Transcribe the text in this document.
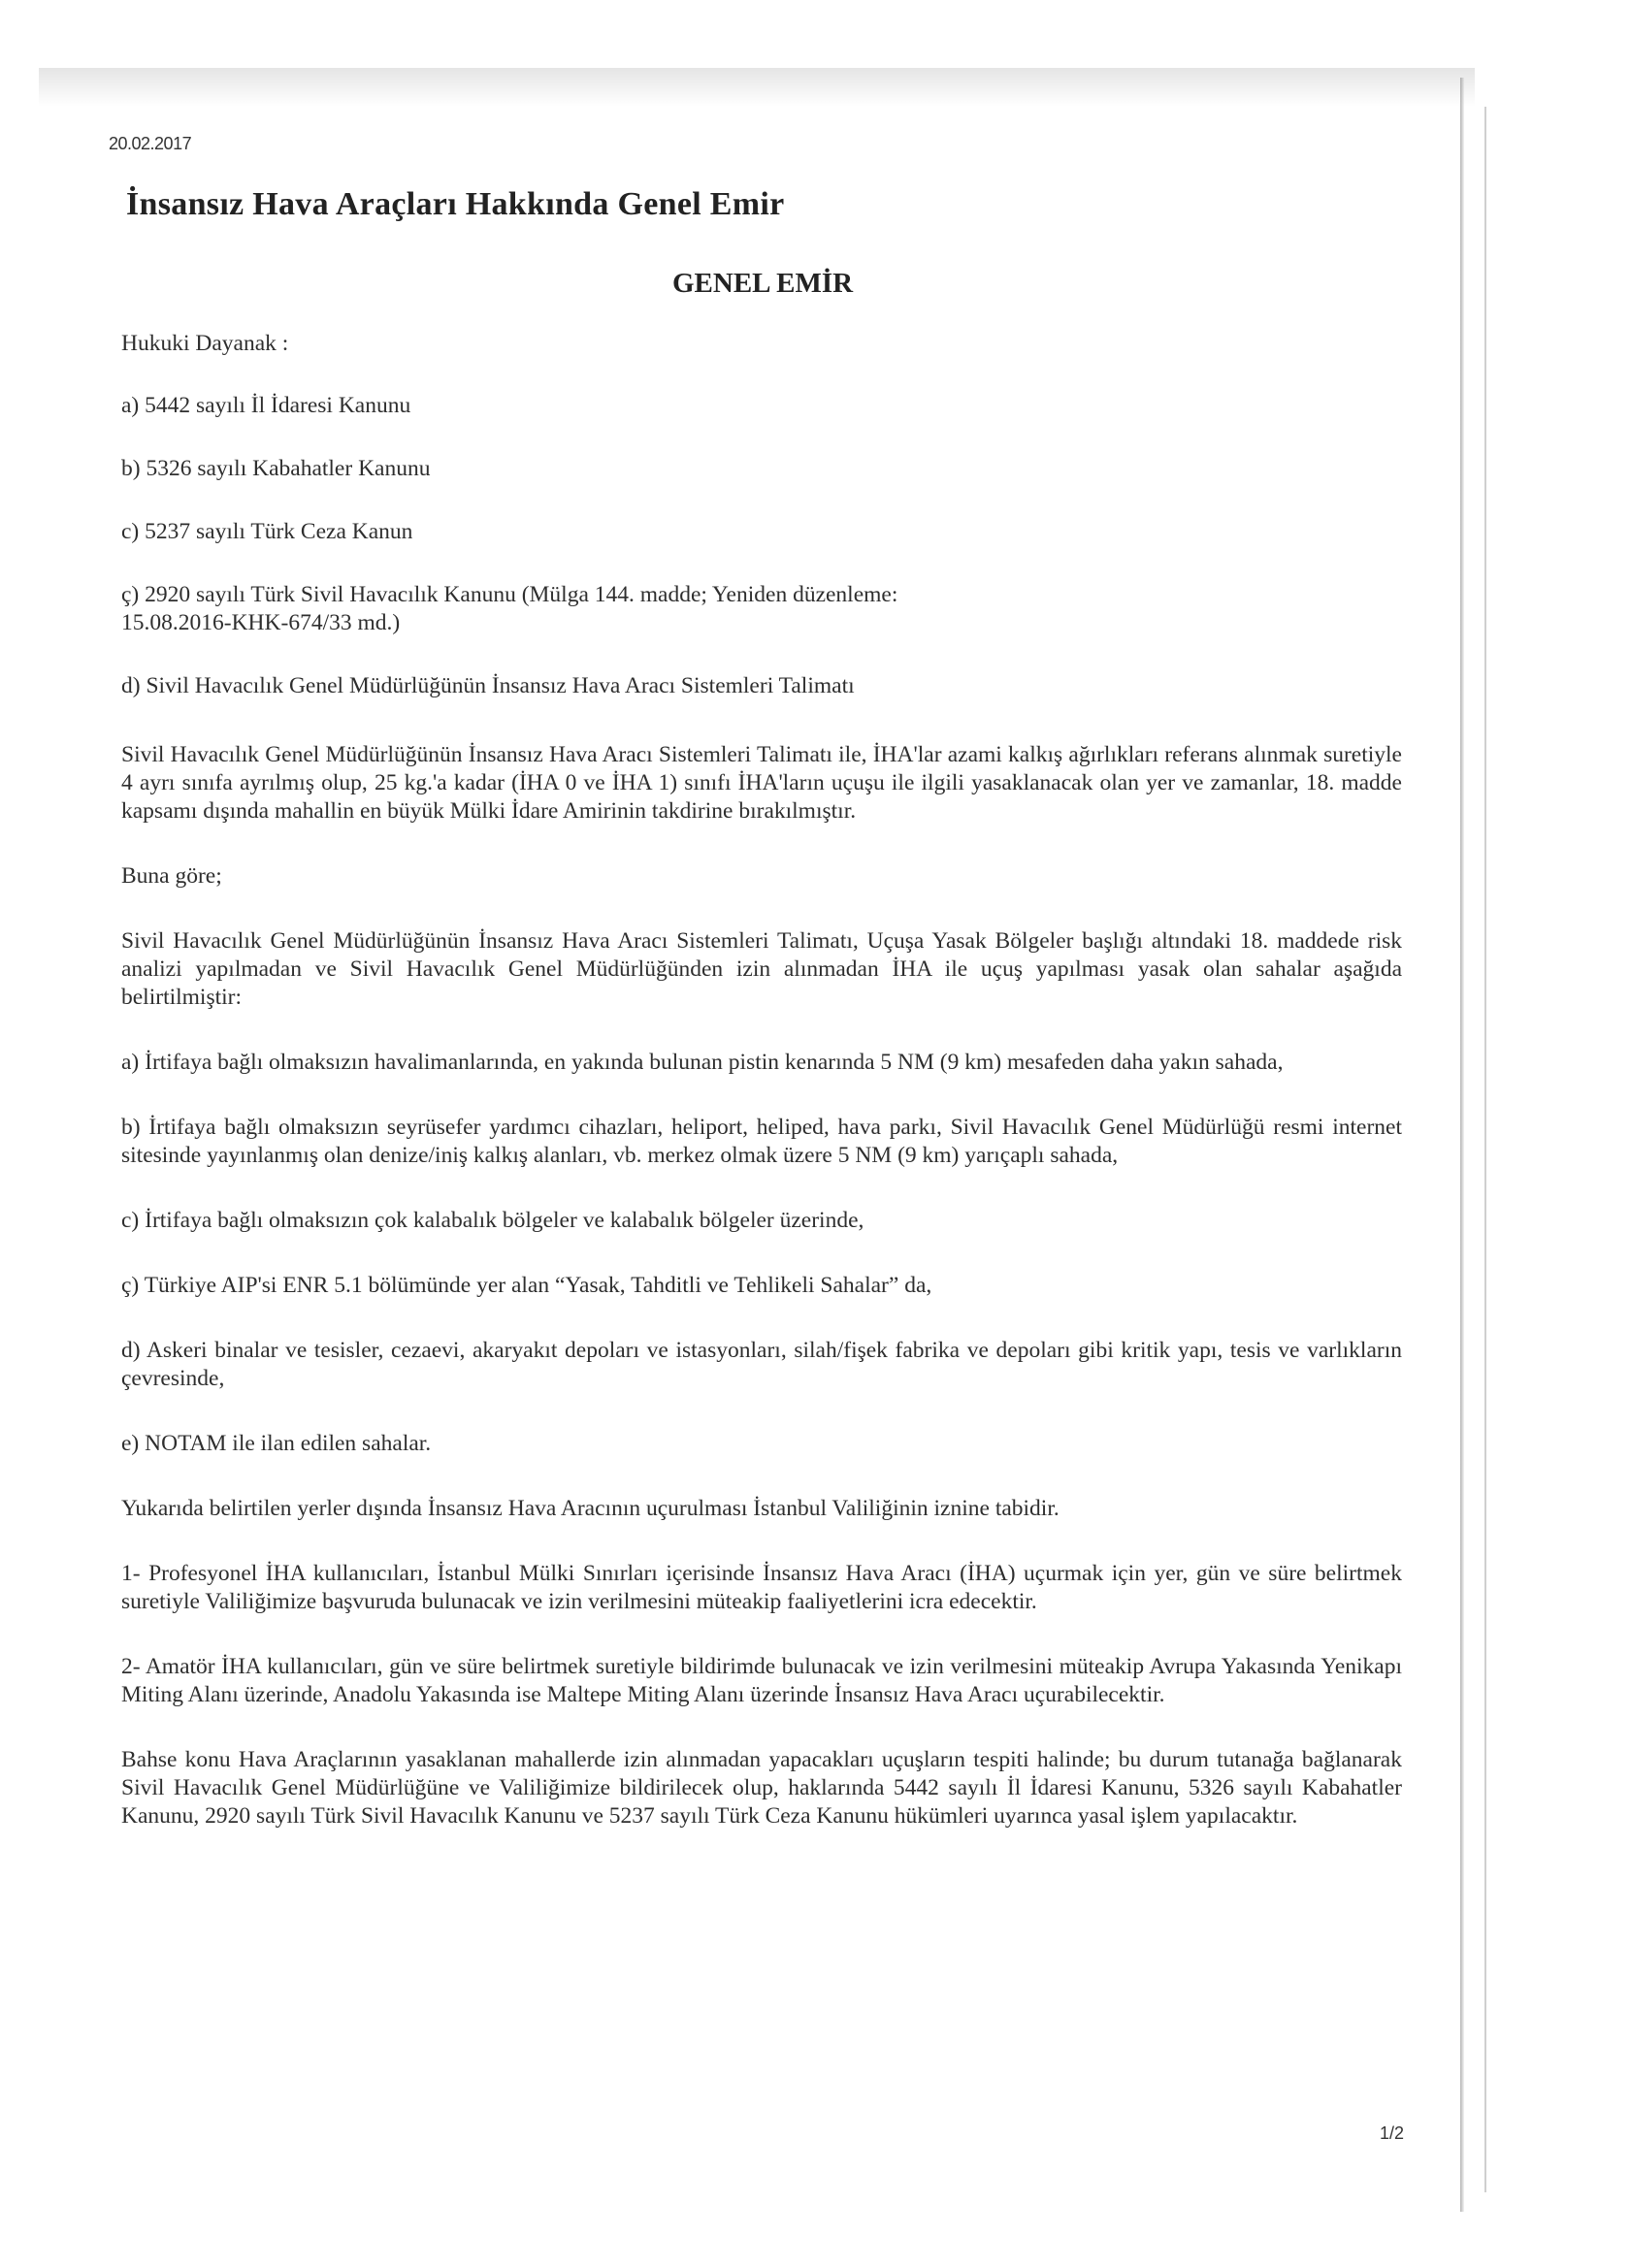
20.02.2017
İnsansız Hava Araçları Hakkında Genel Emir
GENEL EMİR

Hukuki Dayanak :

a) 5442 sayılı İl İdaresi Kanunu

b) 5326 sayılı Kabahatler Kanunu

c) 5237 sayılı Türk Ceza Kanun

ç) 2920 sayılı Türk Sivil Havacılık Kanunu (Mülga 144. madde; Yeniden düzenleme: 15.08.2016-KHK-674/33 md.)

d) Sivil Havacılık Genel Müdürlüğünün İnsansız Hava Aracı Sistemleri Talimatı

Sivil Havacılık Genel Müdürlüğünün İnsansız Hava Aracı Sistemleri Talimatı ile, İHA'lar azami kalkış ağırlıkları referans alınmak suretiyle 4 ayrı sınıfa ayrılmış olup, 25 kg.'a kadar (İHA 0 ve İHA 1) sınıfı İHA'ların uçuşu ile ilgili yasaklanacak olan yer ve zamanlar, 18. madde kapsamı dışında mahallin en büyük Mülki İdare Amirinin takdirine bırakılmıştır.

Buna göre;

Sivil Havacılık Genel Müdürlüğünün İnsansız Hava Aracı Sistemleri Talimatı, Uçuşa Yasak Bölgeler başlığı altındaki 18. maddede risk analizi yapılmadan ve Sivil Havacılık Genel Müdürlüğünden izin alınmadan İHA ile uçuş yapılması yasak olan sahalar aşağıda belirtilmiştir:

a) İrtifaya bağlı olmaksızın havalimanlarında, en yakında bulunan pistin kenarında 5 NM (9 km) mesafeden daha yakın sahada,

b) İrtifaya bağlı olmaksızın seyrüsefer yardımcı cihazları, heliport, heliped, hava parkı, Sivil Havacılık Genel Müdürlüğü resmi internet sitesinde yayınlanmış olan denize/iniş kalkış alanları, vb. merkez olmak üzere 5 NM (9 km) yarıçaplı sahada,

c) İrtifaya bağlı olmaksızın çok kalabalık bölgeler ve kalabalık bölgeler üzerinde,

ç) Türkiye AIP'si ENR 5.1 bölümünde yer alan “Yasak, Tahditli ve Tehlikeli Sahalar” da,

d) Askeri binalar ve tesisler, cezaevi, akaryakıt depoları ve istasyonları, silah/fişek fabrika ve depoları gibi kritik yapı, tesis ve varlıkların çevresinde,

e) NOTAM ile ilan edilen sahalar.

Yukarıda belirtilen yerler dışında İnsansız Hava Aracının uçurulması İstanbul Valiliğinin iznine tabidir.

1- Profesyonel İHA kullanıcıları, İstanbul Mülki Sınırları içerisinde İnsansız Hava Aracı (İHA) uçurmak için yer, gün ve süre belirtmek suretiyle Valiliğimize başvuruda bulunacak ve izin verilmesini müteakip faaliyetlerini icra edecektir.

2- Amatör İHA kullanıcıları, gün ve süre belirtmek suretiyle bildirimde bulunacak ve izin verilmesini müteakip Avrupa Yakasında Yenikapı Miting Alanı üzerinde, Anadolu Yakasında ise Maltepe Miting Alanı üzerinde İnsansız Hava Aracı uçurabilecektir.

Bahse konu Hava Araçlarının yasaklanan mahallerde izin alınmadan yapacakları uçuşların tespiti halinde; bu durum tutanağa bağlanarak Sivil Havacılık Genel Müdürlüğüne ve Valiliğimize bildirilecek olup, haklarında 5442 sayılı İl İdaresi Kanunu, 5326 sayılı Kabahatler Kanunu, 2920 sayılı Türk Sivil Havacılık Kanunu ve 5237 sayılı Türk Ceza Kanunu hükümleri uyarınca yasal işlem yapılacaktır.

1/2
